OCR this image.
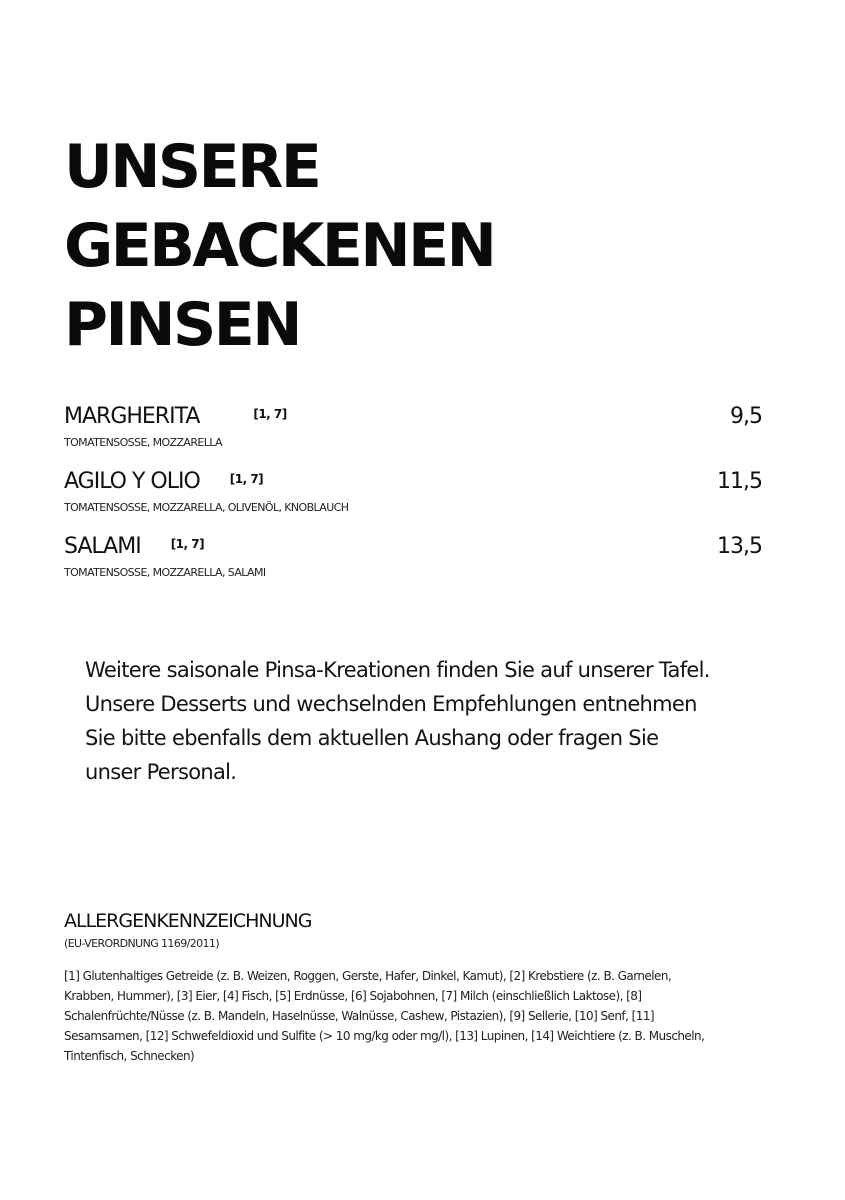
UNSERE
GEBACKENEN
PINSEN
MARGHERITA	[1, 7]
TOMATENSOSSE, MOZZARELLA
9,5
AGILO Y OLIO [1, 7]
TOMATENSOSSE, MOZZARELLA, OLIVENÖL, KNOBLAUCH
11,5
SALAMI [1, 7]
TOMATENSOSSE, MOZZARELLA, SALAMI
13,5

Weitere saisonale Pinsa-Kreationen finden Sie auf unserer Tafel.
Unsere Desserts und wechselnden Empfehlungen entnehmen
Sie bitte ebenfalls dem aktuellen Aushang oder fragen Sie
unser Personal.

ALLERGENKENNZEICHNUNG
(EU-VERORDNUNG 1169/2011)
[1] Glutenhaltiges Getreide (z. B. Weizen, Roggen, Gerste, Hafer, Dinkel, Kamut), [2] Krebstiere (z. B. Garnelen,
Krabben, Hummer), [3] Eier, [4] Fisch, [5] Erdnüsse, [6] Sojabohnen, [7] Milch (einschließlich Laktose), [8]
Schalenfrüchte/Nüsse (z. B. Mandeln, Haselnüsse, Walnüsse, Cashew, Pistazien), [9] Sellerie, [10] Senf, [11]
Sesamsamen, [12] Schwefeldioxid und Sulfite (> 10 mg/kg oder mg/l), [13] Lupinen, [14] Weichtiere (z. B. Muscheln,
Tintenfisch, Schnecken)
